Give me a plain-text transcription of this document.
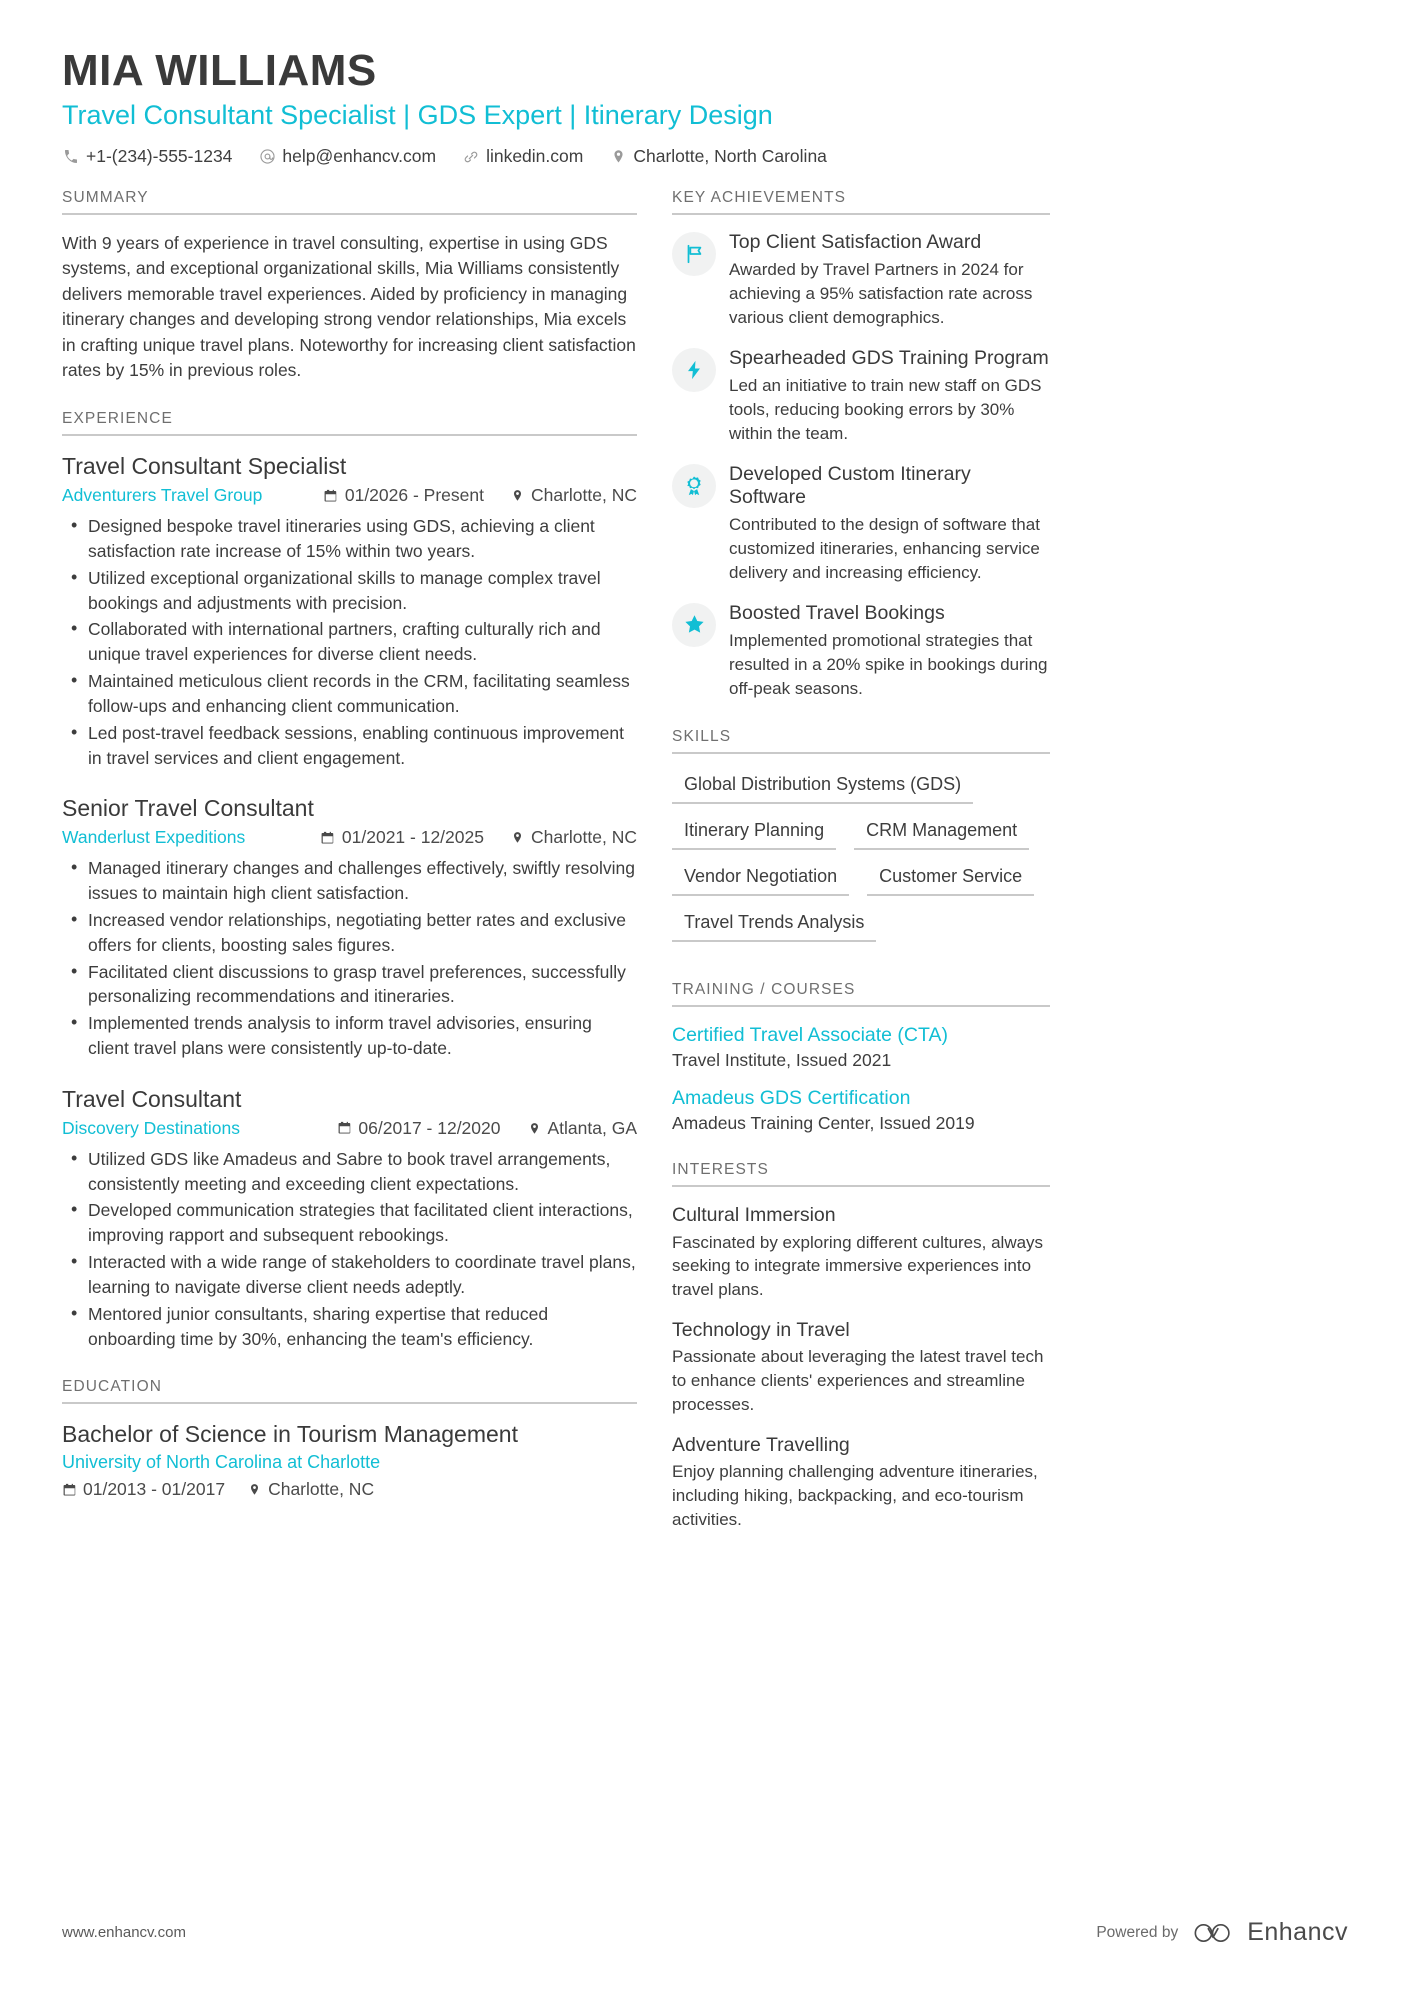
MIA WILLIAMS
Travel Consultant Specialist | GDS Expert | Itinerary Design
+1-(234)-555-1234	help@enhancv.com	linkedin.com	Charlotte, North Carolina
SUMMARY
With 9 years of experience in travel consulting, expertise in using GDS systems, and exceptional organizational skills, Mia Williams consistently delivers memorable travel experiences. Aided by proficiency in managing itinerary changes and developing strong vendor relationships, Mia excels in crafting unique travel plans. Noteworthy for increasing client satisfaction rates by 15% in previous roles.
EXPERIENCE
Travel Consultant Specialist
Adventurers Travel Group	01/2026 - Present	Charlotte, NC
• Designed bespoke travel itineraries using GDS, achieving a client satisfaction rate increase of 15% within two years.
• Utilized exceptional organizational skills to manage complex travel bookings and adjustments with precision.
• Collaborated with international partners, crafting culturally rich and unique travel experiences for diverse client needs.
• Maintained meticulous client records in the CRM, facilitating seamless follow-ups and enhancing client communication.
• Led post-travel feedback sessions, enabling continuous improvement in travel services and client engagement.
Senior Travel Consultant
Wanderlust Expeditions	01/2021 - 12/2025	Charlotte, NC
• Managed itinerary changes and challenges effectively, swiftly resolving issues to maintain high client satisfaction.
• Increased vendor relationships, negotiating better rates and exclusive offers for clients, boosting sales figures.
• Facilitated client discussions to grasp travel preferences, successfully personalizing recommendations and itineraries.
• Implemented trends analysis to inform travel advisories, ensuring client travel plans were consistently up-to-date.
Travel Consultant
Discovery Destinations	06/2017 - 12/2020	Atlanta, GA
• Utilized GDS like Amadeus and Sabre to book travel arrangements, consistently meeting and exceeding client expectations.
• Developed communication strategies that facilitated client interactions, improving rapport and subsequent rebookings.
• Interacted with a wide range of stakeholders to coordinate travel plans, learning to navigate diverse client needs adeptly.
• Mentored junior consultants, sharing expertise that reduced onboarding time by 30%, enhancing the team's efficiency.
EDUCATION
Bachelor of Science in Tourism Management
University of North Carolina at Charlotte
01/2013 - 01/2017 Charlotte, NC
KEY ACHIEVEMENTS
Top Client Satisfaction Award
Awarded by Travel Partners in 2024 for achieving a 95% satisfaction rate across various client demographics.
Spearheaded GDS Training Program
Led an initiative to train new staff on GDS tools, reducing booking errors by 30% within the team.
Developed Custom Itinerary Software
Contributed to the design of software that customized itineraries, enhancing service delivery and increasing efficiency.
Boosted Travel Bookings
Implemented promotional strategies that resulted in a 20% spike in bookings during off-peak seasons.
SKILLS
Global Distribution Systems (GDS)
Itinerary Planning	CRM Management
Vendor Negotiation	Customer Service
Travel Trends Analysis
TRAINING / COURSES
Certified Travel Associate (CTA)
Travel Institute, Issued 2021
Amadeus GDS Certification
Amadeus Training Center, Issued 2019
INTERESTS
Cultural Immersion
Fascinated by exploring different cultures, always seeking to integrate immersive experiences into travel plans.
Technology in Travel
Passionate about leveraging the latest travel tech to enhance clients' experiences and streamline processes.
Adventure Travelling
Enjoy planning challenging adventure itineraries, including hiking, backpacking, and eco-tourism activities.
www.enhancv.com	Powered by	Enhancv
